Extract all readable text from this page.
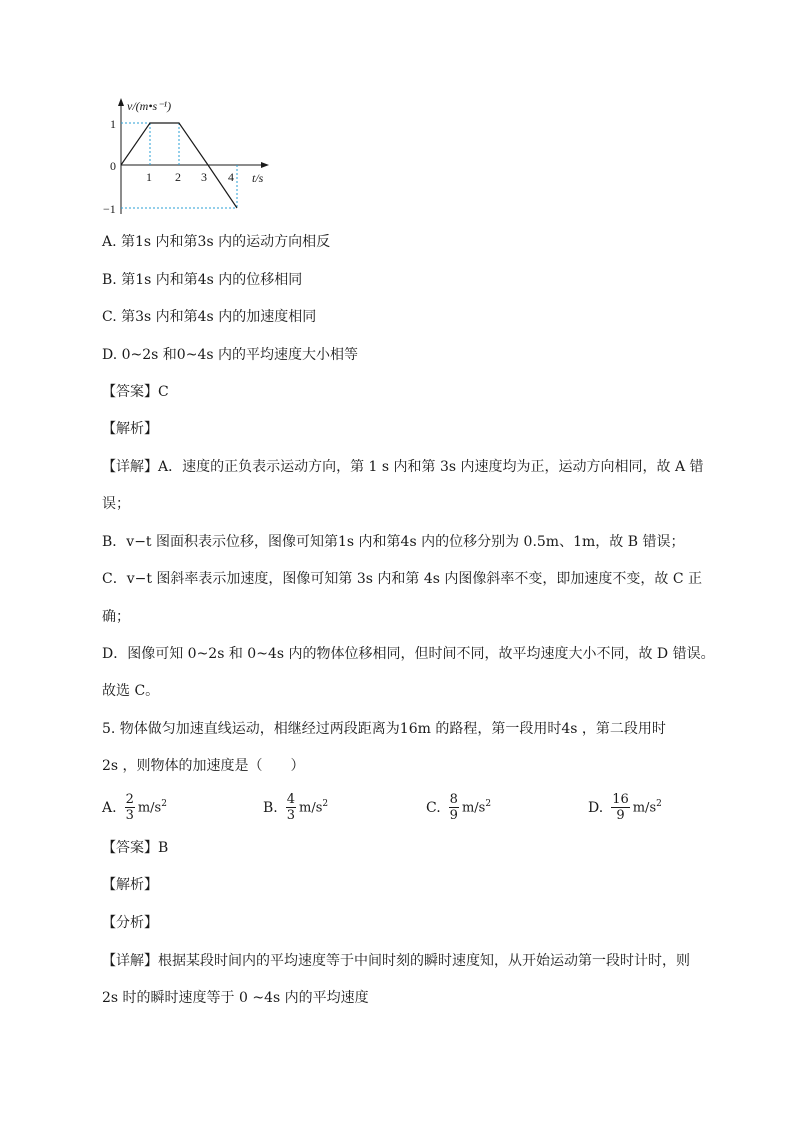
v/(m•s⁻¹)
1
0
−1
1 2 3 4 t/s
A. 第1s 内和第3s 内的运动方向相反
B. 第1s 内和第4s 内的位移相同
C. 第3s 内和第4s 内的加速度相同
D. 0~2s 和0~4s 内的平均速度大小相等
【答案】C
【解析】
【详解】A．速度的正负表示运动方向，第 1 s 内和第 3s 内速度均为正，运动方向相同，故 A 错
误；
B．v−t 图面积表示位移，图像可知第1s 内和第4s 内的位移分别为 0.5m、1m，故 B 错误；
C．v−t 图斜率表示加速度，图像可知第 3s 内和第 4s 内图像斜率不变，即加速度不变，故 C 正
确；
D．图像可知 0~2s 和 0~4s 内的物体位移相同，但时间不同，故平均速度大小不同，故 D 错误。
故选 C。
5. 物体做匀加速直线运动，相继经过两段距离为16m 的路程，第一段用时4s ，第二段用时
2s ，则物体的加速度是（　　）
A. $\frac{2}{3} m/s^2$	B. $\frac{4}{3} m/s^2$	C. $\frac{8}{9} m/s^2$	D. $\frac{16}{9} m/s^2$
【答案】B
【解析】
【分析】
【详解】根据某段时间内的平均速度等于中间时刻的瞬时速度知，从开始运动第一段时计时，则
2s 时的瞬时速度等于 0 ~4s 内的平均速度
